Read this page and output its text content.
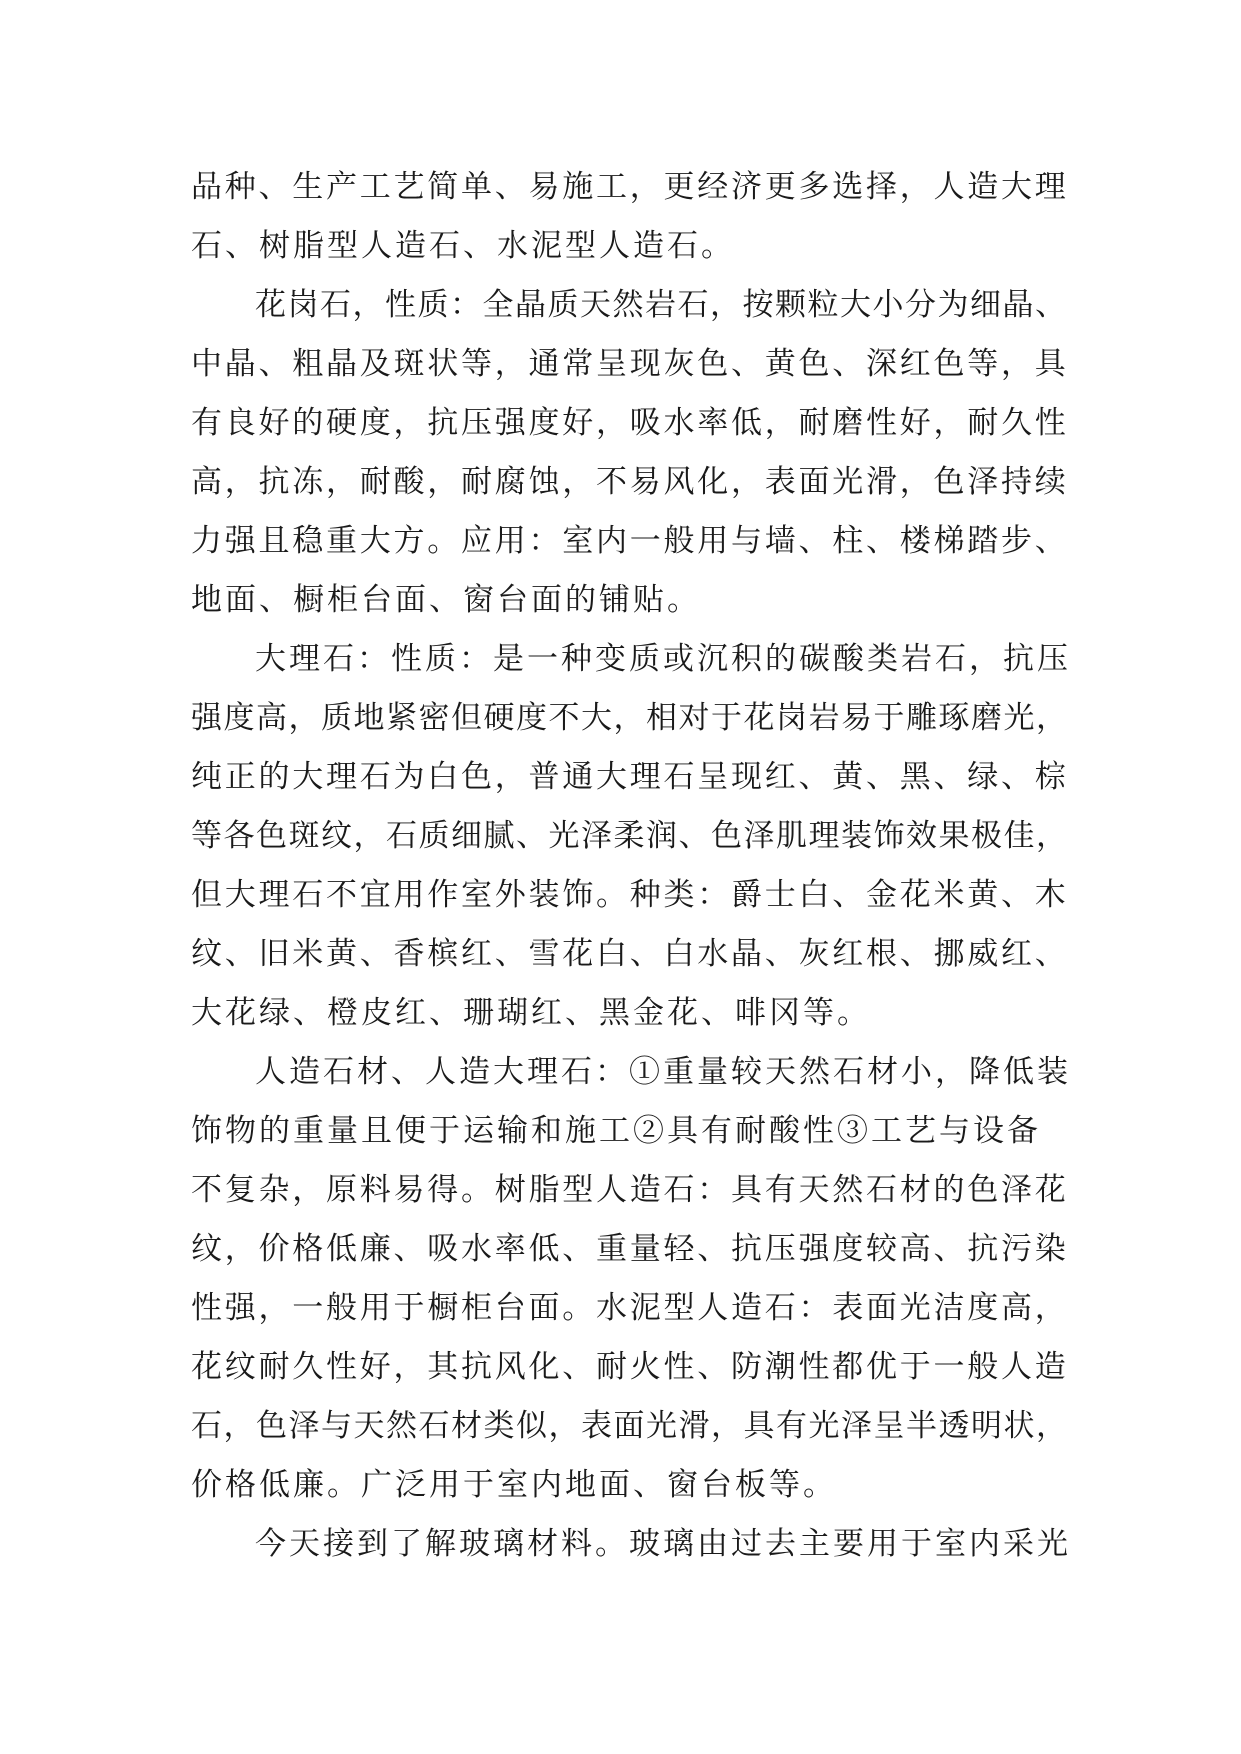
品种、生产工艺简单、易施工，更经济更多选择，人造大理
石、树脂型人造石、水泥型人造石。
花岗石，性质：全晶质天然岩石，按颗粒大小分为细晶、
中晶、粗晶及斑状等，通常呈现灰色、黄色、深红色等，具
有良好的硬度，抗压强度好，吸水率低，耐磨性好，耐久性
高，抗冻，耐酸，耐腐蚀，不易风化，表面光滑，色泽持续
力强且稳重大方。应用：室内一般用与墙、柱、楼梯踏步、
地面、橱柜台面、窗台面的铺贴。
大理石：性质：是一种变质或沉积的碳酸类岩石，抗压
强度高，质地紧密但硬度不大，相对于花岗岩易于雕琢磨光，
纯正的大理石为白色，普通大理石呈现红、黄、黑、绿、棕
等各色斑纹，石质细腻、光泽柔润、色泽肌理装饰效果极佳，
但大理石不宜用作室外装饰。种类：爵士白、金花米黄、木
纹、旧米黄、香槟红、雪花白、白水晶、灰红根、挪威红、
大花绿、橙皮红、珊瑚红、黑金花、啡冈等。
人造石材、人造大理石：①重量较天然石材小，降低装
饰物的重量且便于运输和施工②具有耐酸性③工艺与设备
不复杂，原料易得。树脂型人造石：具有天然石材的色泽花
纹，价格低廉、吸水率低、重量轻、抗压强度较高、抗污染
性强，一般用于橱柜台面。水泥型人造石：表面光洁度高，
花纹耐久性好，其抗风化、耐火性、防潮性都优于一般人造
石，色泽与天然石材类似，表面光滑，具有光泽呈半透明状，
价格低廉。广泛用于室内地面、窗台板等。
今天接到了解玻璃材料。玻璃由过去主要用于室内采光
